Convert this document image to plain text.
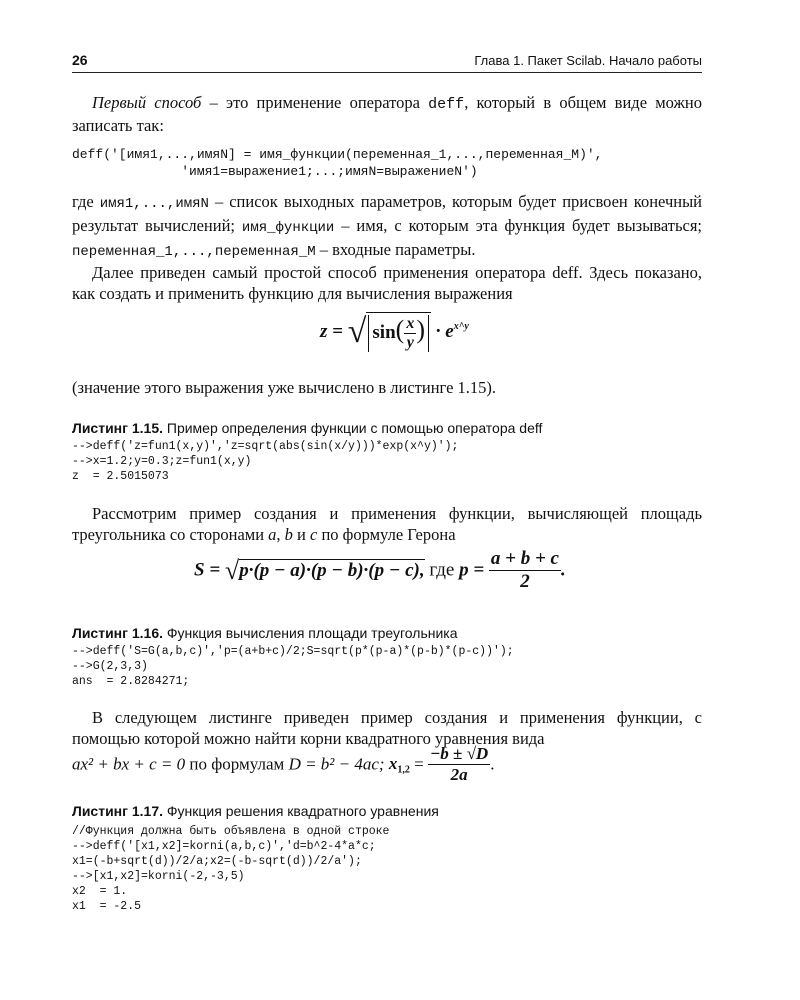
26	Глава 1. Пакет Scilab. Начало работы

Первый способ – это применение оператора deff, который в общем виде можно записать так:

deff('[имя1,...,имяN] = имя_функции(переменная_1,...,переменная_M)',
'имя1=выражение1;...;имяN=выражениеN')

где имя1,...,имяN – список выходных параметров, которым будет присвоен конечный результат вычислений; имя_функции – имя, с которым эта функция будет вызываться; переменная_1,...,переменная_M – входные параметры.

Далее приведен самый простой способ применения оператора deff. Здесь показано, как создать и применить функцию для вычисления выражения

z = √ $\sin( \frac{x}{y}$ ) · $e^{x\^{}y}$

(значение этого выражения уже вычислено в листинге 1.15).

Листинг 1.15. Пример определения функции с помощью оператора deff
-->deff('z=fun1(x,y)','z=sqrt(abs(sin(x/y)))*exp(x^y)');
-->x=1.2;y=0.3;z=fun1(x,y)
z  = 2.5015073

Рассмотрим пример создания и применения функции, вычисляющей площадь треугольника со сторонами a, b и c по формуле Герона

S = √p·(p − a)·(p − b)·(p − c), где $p = \frac{a + b + c}{2}$ .
Листинг 1.16. Функция вычисления площади треугольника
-->deff('S=G(a,b,c)','p=(a+b+c)/2;S=sqrt(p*(p-a)*(p-b)*(p-c))');
-->G(2,3,3)
ans  = 2.8284271;

В следующем листинге приведен пример создания и применения функции, с помощью которой можно найти корни квадратного уравнения вида

ax² + bx + c = 0 по формулам D = b² − 4ac; $x_{1,2} = \frac{-b \pm √D}{2a}$ .
Листинг 1.17. Функция решения квадратного уравнения
//Функция должна быть объявлена в одной строке
-->deff('[x1,x2]=korni(a,b,c)','d=b^2-4*a*c;
x1=(-b+sqrt(d))/2/a;x2=(-b-sqrt(d))/2/a');
-->[x1,x2]=korni(-2,-3,5)
x2  = 1.
x1  = -2.5
